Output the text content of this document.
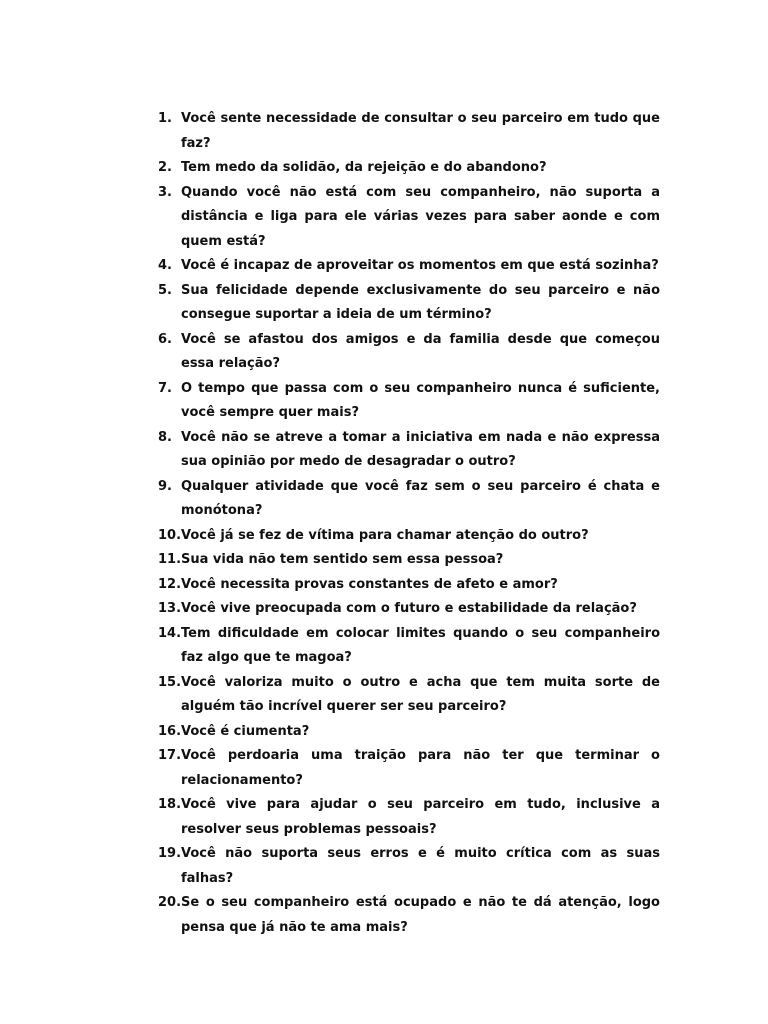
1. Você sente necessidade de consultar o seu parceiro em tudo que faz?
2. Tem medo da solidão, da rejeição e do abandono?
3. Quando você não está com seu companheiro, não suporta a distância e liga para ele várias vezes para saber aonde e com quem está?
4. Você é incapaz de aproveitar os momentos em que está sozinha?
5. Sua felicidade depende exclusivamente do seu parceiro e não consegue suportar a ideia de um término?
6. Você se afastou dos amigos e da familia desde que começou essa relação?
7. O tempo que passa com o seu companheiro nunca é suficiente, você sempre quer mais?
8. Você não se atreve a tomar a iniciativa em nada e não expressa sua opinião por medo de desagradar o outro?
9. Qualquer atividade que você faz sem o seu parceiro é chata e monótona?
10. Você já se fez de vítima para chamar atenção do outro?
11. Sua vida não tem sentido sem essa pessoa?
12. Você necessita provas constantes de afeto e amor?
13. Você vive preocupada com o futuro e estabilidade da relação?
14. Tem dificuldade em colocar limites quando o seu companheiro faz algo que te magoa?
15. Você valoriza muito o outro e acha que tem muita sorte de alguém tão incrível querer ser seu parceiro?
16. Você é ciumenta?
17. Você perdoaria uma traição para não ter que terminar o relacionamento?
18. Você vive para ajudar o seu parceiro em tudo, inclusive a resolver seus problemas pessoais?
19. Você não suporta seus erros e é muito crítica com as suas falhas?
20. Se o seu companheiro está ocupado e não te dá atenção, logo pensa que já não te ama mais?
